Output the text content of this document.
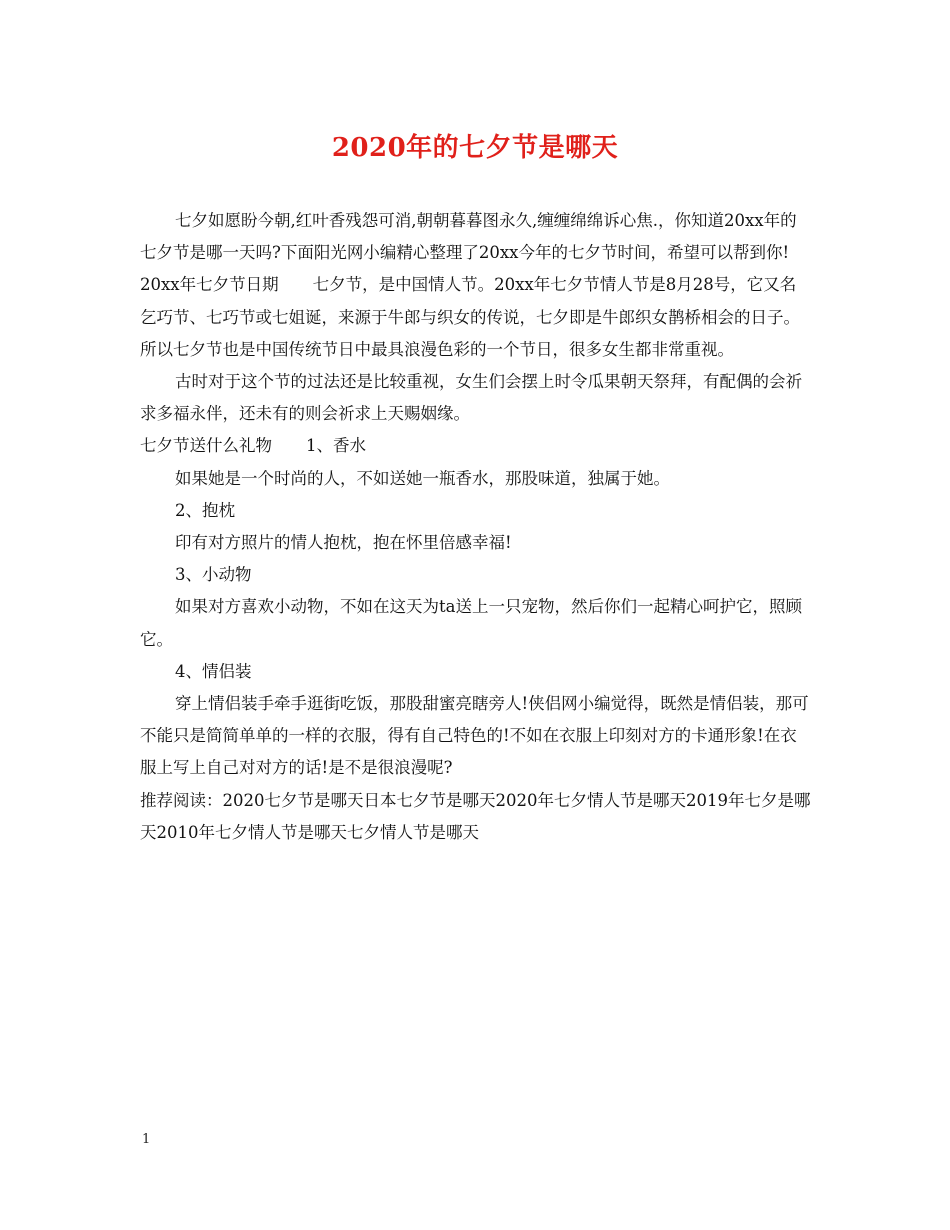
2020年的七夕节是哪天

七夕如愿盼今朝,红叶香残怨可消,朝朝暮暮图永久,缠缠绵绵诉心焦.，你知道20xx年的七夕节是哪一天吗?下面阳光网小编精心整理了20xx今年的七夕节时间，希望可以帮到你!

20xx年七夕节日期 七夕节，是中国情人节。20xx年七夕节情人节是8月28号，它又名乞巧节、七巧节或七姐诞，来源于牛郎与织女的传说，七夕即是牛郎织女鹊桥相会的日子。所以七夕节也是中国传统节日中最具浪漫色彩的一个节日，很多女生都非常重视。

古时对于这个节的过法还是比较重视，女生们会摆上时令瓜果朝天祭拜，有配偶的会祈求多福永伴，还未有的则会祈求上天赐姻缘。

七夕节送什么礼物 1、香水

如果她是一个时尚的人，不如送她一瓶香水，那股味道，独属于她。

2、抱枕

印有对方照片的情人抱枕，抱在怀里倍感幸福!

3、小动物

如果对方喜欢小动物，不如在这天为ta送上一只宠物，然后你们一起精心呵护它，照顾它。

4、情侣装

穿上情侣装手牵手逛街吃饭，那股甜蜜亮瞎旁人!侠侣网小编觉得，既然是情侣装，那可不能只是简简单单的一样的衣服，得有自己特色的!不如在衣服上印刻对方的卡通形象!在衣服上写上自己对对方的话!是不是很浪漫呢?

推荐阅读：2020七夕节是哪天日本七夕节是哪天2020年七夕情人节是哪天2019年七夕是哪天2010年七夕情人节是哪天七夕情人节是哪天

1
